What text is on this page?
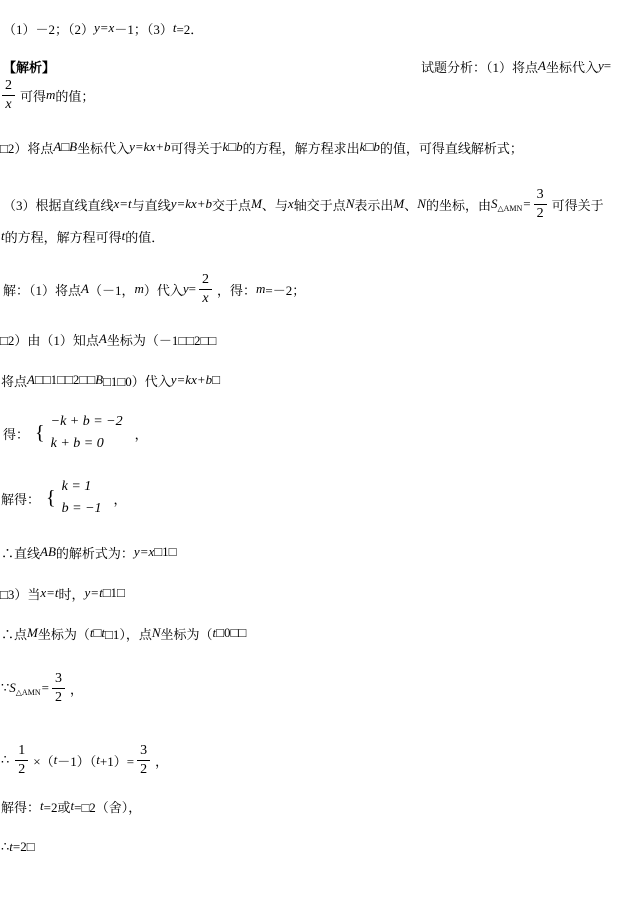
（1）－2；（2） y=x －1；（3） t =2．
【解析】	试题分析：（1）将点 A 坐标代入 y =
$\frac{2}{x}$ 可得 m 的值；
□2）将点 A □ B 坐标代入 y=kx+b 可得关于 k □ b 的方程，解方程求出 k □ b 的值，可得直线解析式；
（3）根据直线直线 x=t 与直线 y=kx+b 交于点 M 、与 x 轴交于点 N 表示出 M 、 N 的坐标，由 S △AMN = $\frac{3}{2}$ 可得关于
t 的方程，解方程可得 t 的值．
解：（1）将点 A （－1， m ）代入 $y = \frac{2}{x}$ ，得： m =－2；
□2）由（1）知点 A 坐标为（－1□□2□□
将点 A □□1□□2□□ B □1□0）代入 y=kx+b □
得： {
−k + b = −2
k + b = 0
，
解得： {
k = 1
b = −1
，
∴直线 AB 的解析式为： y=x □1□
□3）当 x=t 时， y=t □1□
∴点 M 坐标为（ t □ t □1），点 N 坐标为（ t □0□□
∵ S △AMN = $\frac{3}{2}$ ，
∴ $\frac{1}{2}$ ×（ t －1）（ $t +1)= \frac{3}{2}$ ，
解得： t =2或 t =□2（舍），
∴ t =2□
